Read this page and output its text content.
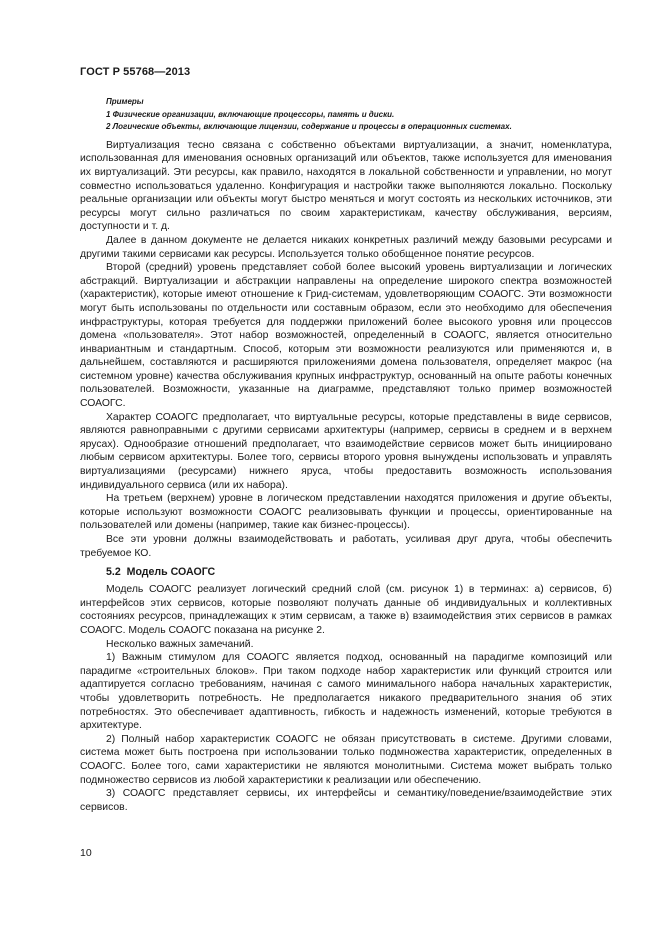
ГОСТ Р 55768—2013
Примеры
1 Физические организации, включающие процессоры, память и диски.
2 Логические объекты, включающие лицензии, содержание и процессы в операционных системах.

Виртуализация тесно связана с собственно объектами виртуализации, а значит, номенклатура, использованная для именования основных организаций или объектов, также используется для именования их виртуализаций. Эти ресурсы, как правило, находятся в локальной собственности и управлении, но могут совместно использоваться удаленно. Конфигурация и настройки также выполняются локально. Поскольку реальные организации или объекты могут быстро меняться и могут состоять из нескольких источников, эти ресурсы могут сильно различаться по своим характеристикам, качеству обслуживания, версиям, доступности и т. д.

Далее в данном документе не делается никаких конкретных различий между базовыми ресурсами и другими такими сервисами как ресурсы. Используется только обобщенное понятие ресурсов.

Второй (средний) уровень представляет собой более высокий уровень виртуализации и логических абстракций. Виртуализации и абстракции направлены на определение широкого спектра возможностей (характеристик), которые имеют отношение к Грид-системам, удовлетворяющим СОАОГС. Эти возможности могут быть использованы по отдельности или составным образом, если это необходимо для обеспечения инфраструктуры, которая требуется для поддержки приложений более высокого уровня или процессов домена «пользователя». Этот набор возможностей, определенный в СОАОГС, является относительно инвариантным и стандартным. Способ, которым эти возможности реализуются или применяются и, в дальнейшем, составляются и расширяются приложениями домена пользователя, определяет макрос (на системном уровне) качества обслуживания крупных инфраструктур, основанный на опыте работы конечных пользователей. Возможности, указанные на диаграмме, представляют только пример возможностей СОАОГС.

Характер СОАОГС предполагает, что виртуальные ресурсы, которые представлены в виде сервисов, являются равноправными с другими сервисами архитектуры (например, сервисы в среднем и в верхнем ярусах). Однообразие отношений предполагает, что взаимодействие сервисов может быть инициировано любым сервисом архитектуры. Более того, сервисы второго уровня вынуждены использовать и управлять виртуализациями (ресурсами) нижнего яруса, чтобы предоставить возможность использования индивидуального сервиса (или их набора).

На третьем (верхнем) уровне в логическом представлении находятся приложения и другие объекты, которые используют возможности СОАОГС реализовывать функции и процессы, ориентированные на пользователей или домены (например, такие как бизнес-процессы).

Все эти уровни должны взаимодействовать и работать, усиливая друг друга, чтобы обеспечить требуемое КО.

5.2 Модель СОАОГС

Модель СОАОГС реализует логический средний слой (см. рисунок 1) в терминах: а) сервисов, б) интерфейсов этих сервисов, которые позволяют получать данные об индивидуальных и коллективных состояниях ресурсов, принадлежащих к этим сервисам, а также в) взаимодействия этих сервисов в рамках СОАОГС. Модель СОАОГС показана на рисунке 2.

Несколько важных замечаний.

1) Важным стимулом для СОАОГС является подход, основанный на парадигме композиций или парадигме «строительных блоков». При таком подходе набор характеристик или функций строится или адаптируется согласно требованиям, начиная с самого минимального набора начальных характеристик, чтобы удовлетворить потребность. Не предполагается никакого предварительного знания об этих потребностях. Это обеспечивает адаптивность, гибкость и надежность изменений, которые требуются в архитектуре.

2) Полный набор характеристик СОАОГС не обязан присутствовать в системе. Другими словами, система может быть построена при использовании только подмножества характеристик, определенных в СОАОГС. Более того, сами характеристики не являются монолитными. Система может выбрать только подмножество сервисов из любой характеристики к реализации или обеспечению.

3) СОАОГС представляет сервисы, их интерфейсы и семантику/поведение/взаимодействие этих сервисов.

10
